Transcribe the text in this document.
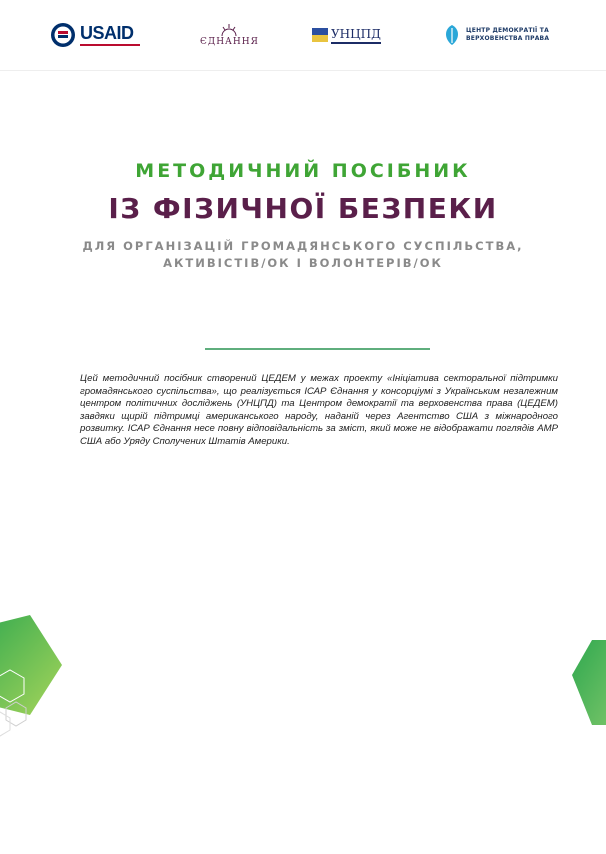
USAID	ЄДНАННЯ
УНЦПД	ЦЕНТР ДЕМОКРАТІЇ ТА
ВЕРХОВЕНСТВА ПРАВА
МЕТОДИЧНИЙ ПОСІБНИК
ІЗ ФІЗИЧНОЇ БЕЗПЕКИ
ДЛЯ ОРГАНІЗАЦІЙ ГРОМАДЯНСЬКОГО СУСПІЛЬСТВА,
АКТИВІСТІВ/ОК І ВОЛОНТЕРІВ/ОК
Цей методичний посібник створений ЦЕДЕМ у межах проекту «Ініціатива секторальної підтримки громадянського суспільства», що реалізується ІСАР Єднання у консорціумі з Українським незалежним центром політичних досліджень (УНЦПД) та Центром демократії та верховенства права (ЦЕДЕМ) завдяки щирій підтримці американського народу, наданій через Агентство США з міжнародного розвитку. ІСАР Єднання несе повну відповідальність за зміст, який може не відображати поглядів АМР США або Уряду Сполучених Штатів Америки.
